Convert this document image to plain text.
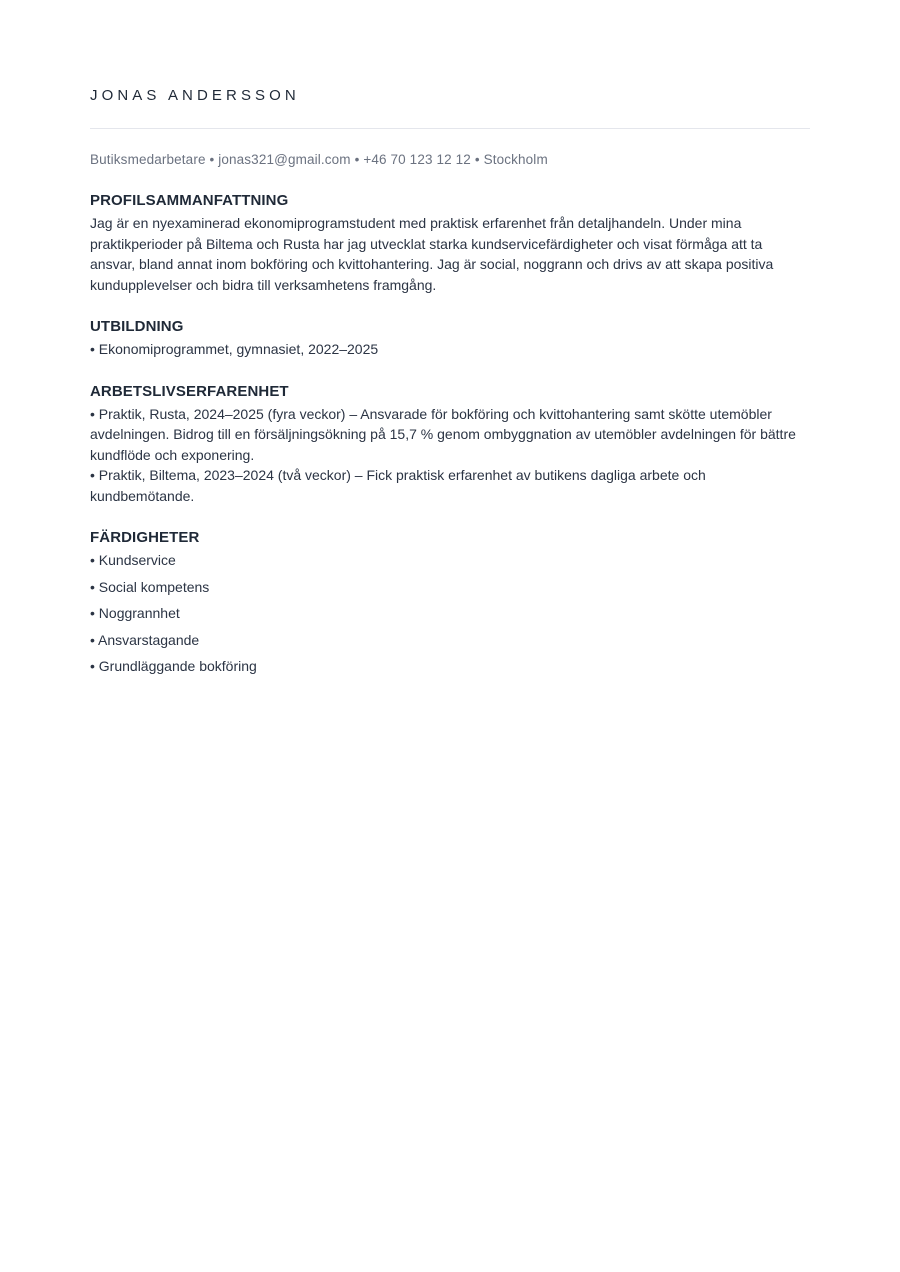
JONAS ANDERSSON

Butiksmedarbetare • jonas321@gmail.com • +46 70 123 12 12 • Stockholm

PROFILSAMMANFATTNING

Jag är en nyexaminerad ekonomiprogramstudent med praktisk erfarenhet från detaljhandeln. Under mina praktikperioder på Biltema och Rusta har jag utvecklat starka kundservicefärdigheter och visat förmåga att ta ansvar, bland annat inom bokföring och kvittohantering. Jag är social, noggrann och drivs av att skapa positiva kundupplevelser och bidra till verksamhetens framgång.

UTBILDNING
• Ekonomiprogrammet, gymnasiet, 2022–2025
ARBETSLIVSERFARENHET
• Praktik, Rusta, 2024–2025 (fyra veckor) – Ansvarade för bokföring och kvittohantering samt skötte utemöbler avdelningen. Bidrog till en försäljningsökning på 15,7 % genom ombyggnation av utemöbler avdelningen för bättre kundflöde och exponering.
• Praktik, Biltema, 2023–2024 (två veckor) – Fick praktisk erfarenhet av butikens dagliga arbete och kundbemötande.
FÄRDIGHETER
• Kundservice
• Social kompetens
• Noggrannhet
• Ansvarstagande
• Grundläggande bokföring
